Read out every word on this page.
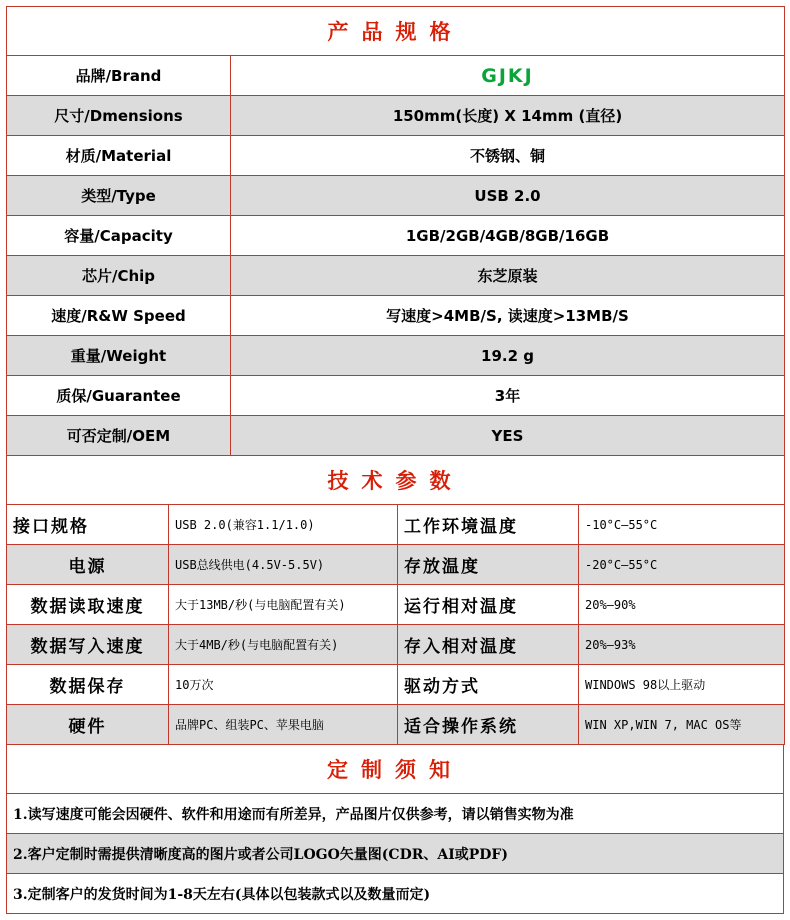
产品规格	
品牌/Brand	GJKJ
尺寸/Dmensions	150mm(长度) X 14mm (直径)
材质/Material	不锈钢、铜
类型/Type	USB 2.0
容量/Capacity	1GB/2GB/4GB/8GB/16GB
芯片/Chip	东芝原装
速度/R&W Speed	写速度>4MB/S, 读速度>13MB/S
重量/Weight	19.2 g
质保/Guarantee	3年
可否定制/OEM	YES
技术参数			
接口规格	USB 2.0(兼容1.1/1.0)	工作环境温度	-10°C—55°C
电源	USB总线供电(4.5V-5.5V)	存放温度	-20°C—55°C
数据读取速度	大于13MB/秒(与电脑配置有关)	运行相对温度	20%—90%
数据写入速度	大于4MB/秒(与电脑配置有关)	存入相对温度	20%—93%
数据保存	10万次	驱动方式	WINDOWS 98以上驱动
硬件	品牌PC、组装PC、苹果电脑	适合操作系统	WIN XP,WIN 7, MAC OS等
定制须知
1.读写速度可能会因硬件、软件和用途而有所差异，产品图片仅供参考，请以销售实物为准
2.客户定制时需提供清晰度高的图片或者公司LOGO矢量图(CDR、AI或PDF)
3.定制客户的发货时间为1-8天左右(具体以包装款式以及数量而定)
